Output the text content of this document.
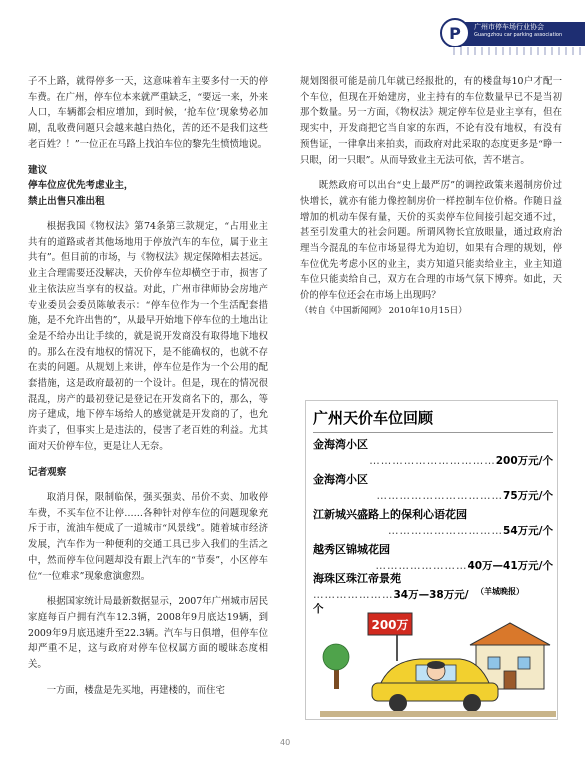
P 广州市停车场行业协会
Guangzhou car parking association

子不上路，就得停多一天，这意味着车主要多付一天的停车费。在广州，停车位本来就严重缺乏，“要远一来，外来人口，车辆都会相应增加，到时候，‘抢车位’现象势必加剧，乱收费问题只会越来越白热化，苦的还不是我们这些老百姓？！”一位正在马路上找泊车位的黎先生愤愤地说。

建议

停车位应优先考虑业主，

禁止出售只准出租

根据我国《物权法》第74条第三款规定，“占用业主共有的道路或者其他场地用于停放汽车的车位，属于业主共有”。但目前的市场，与《物权法》规定保障相去甚远。业主合理需要还没解决，天价停车位却横空于市，损害了业主依法应当享有的权益。对此，广州市律师协会房地产专业委员会委员陈敏表示：“停车位作为一个生活配套措施，是不允许出售的”，从最早开始地下停车位的土地出让金是不给办出让手续的，就是说开发商没有取得地下地权的。那么在没有地权的情况下，是不能确权的，也就不存在卖的问题。从规划上来讲，停车位是作为一个公用的配套措施，这是政府最初的一个设计。但是，现在的情况很混乱，房产的最初登记是登记在开发商名下的，那么，等房子建成，地下停车场给人的感觉就是开发商的了，也允许卖了，但事实上是违法的，侵害了老百姓的利益。尤其面对天价停车位，更是让人无奈。

记者观察

取消月保，限制临保，强买强卖、吊价不卖、加收停车费，不买车位不让停……各种针对停车位的问题现象充斥于市，流油车便成了一道城市“风景线”。随着城市经济发展，汽车作为一种便利的交通工具已步入我们的生活之中，然而停车位问题却没有跟上汽车的“节奏”，小区停车位“一位难求”现象愈演愈烈。

根据国家统计局最新数据显示，2007年广州城市居民家庭每百户拥有汽车12.3辆，2008年9月底达19辆，到2009年9月底迅速升至22.3辆。汽车与日俱增，但停车位却严重不足，这与政府对停车位权属方面的暧昧态度相关。

一方面，楼盘是先买地，再建楼的，而住宅

规划图很可能是前几年就已经报批的，有的楼盘每10户才配一个车位，但现在开始建房，业主持有的车位数量早已不是当初那个数量。另一方面，《物权法》规定停车位是业主享有，但在现实中，开发商把它当自家的东西，不论有没有地权，有没有预售证，一律拿出来拍卖，而政府对此采取的态度更多是“睁一只眼，闭一只眼”。从而导致业主无法可依，苦不堪言。

既然政府可以出台“史上最严厉”的调控政策来遏制房价过快增长，就亦有能力像控制房价一样控制车位价格。作随日益增加的机动车保有量，天价的买卖停车位间接引起交通不过，甚至引发重大的社会问题。所谓风物长宜放眼量，通过政府治理当今混乱的车位市场显得尤为迫切，如果有合理的规划，停车位优先考虑小区的业主，卖方知道只能卖给业主，业主知道车位只能卖给自己，双方在合理的市场气氛下博弈。如此，天价的停车位还会在市场上出现吗？

（转自《中国新闻网》 2010年10月15日）

广州天价车位回顾
金海湾小区
……………………………200万元/个
金海湾小区
……………………………75万元/个
江新城兴盛路上的保利心语花园
…………………………54万元/个
越秀区锦城花园
……………………40万—41万元/个
海珠区珠江帝景苑
…………………34万—38万元/个
（羊城晚报）
200万
40
